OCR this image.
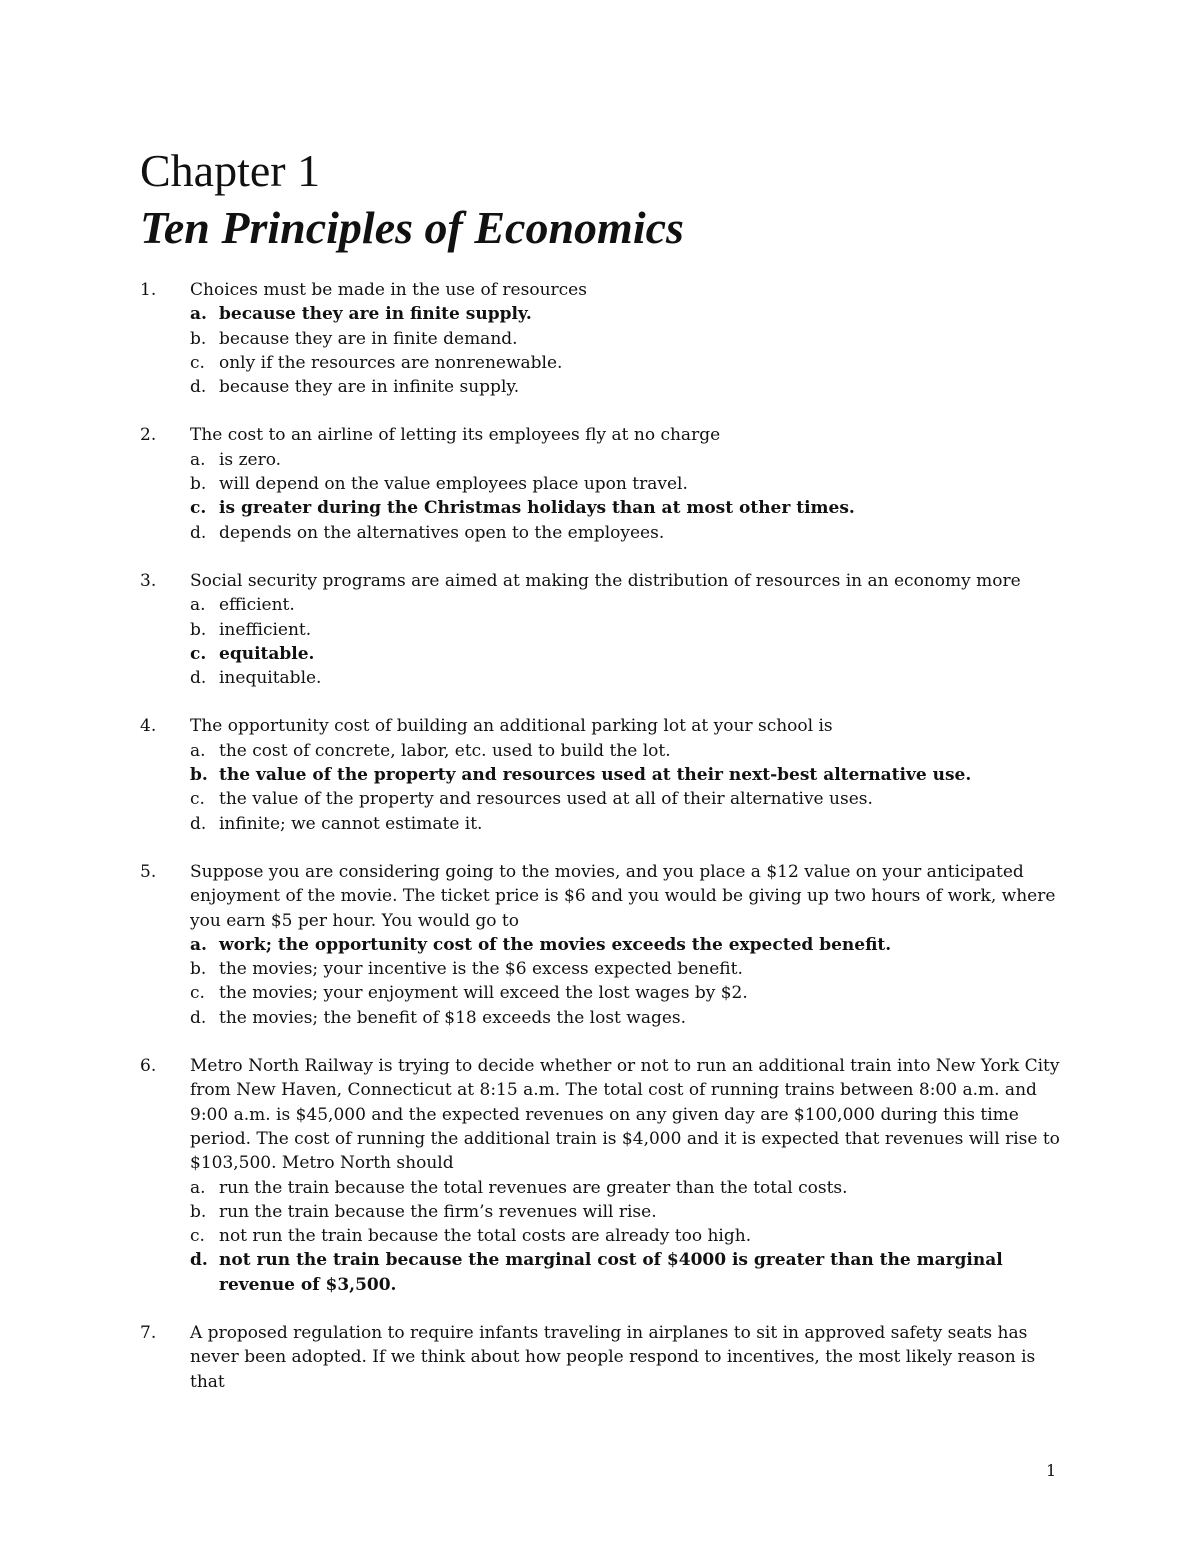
Chapter 1
Ten Principles of Economics
1. Choices must be made in the use of resources
a. because they are in finite supply.
b. because they are in finite demand.
c. only if the resources are nonrenewable.
d. because they are in infinite supply.
2. The cost to an airline of letting its employees fly at no charge
a. is zero.
b. will depend on the value employees place upon travel.
c. is greater during the Christmas holidays than at most other times.
d. depends on the alternatives open to the employees.
3. Social security programs are aimed at making the distribution of resources in an economy more
a. efficient.
b. inefficient.
c. equitable.
d. inequitable.
4. The opportunity cost of building an additional parking lot at your school is
a. the cost of concrete, labor, etc. used to build the lot.
b. the value of the property and resources used at their next-best alternative use.
c. the value of the property and resources used at all of their alternative uses.
d. infinite; we cannot estimate it.
5. Suppose you are considering going to the movies, and you place a $12 value on your anticipated enjoyment of the movie. The ticket price is $6 and you would be giving up two hours of work, where you earn $5 per hour. You would go to
a. work; the opportunity cost of the movies exceeds the expected benefit.
b. the movies; your incentive is the $6 excess expected benefit.
c. the movies; your enjoyment will exceed the lost wages by $2.
d. the movies; the benefit of $18 exceeds the lost wages.
6. Metro North Railway is trying to decide whether or not to run an additional train into New York City from New Haven, Connecticut at 8:15 a.m. The total cost of running trains between 8:00 a.m. and 9:00 a.m. is $45,000 and the expected revenues on any given day are $100,000 during this time period. The cost of running the additional train is $4,000 and it is expected that revenues will rise to $103,500. Metro North should
a. run the train because the total revenues are greater than the total costs.
b. run the train because the firm’s revenues will rise.
c. not run the train because the total costs are already too high.
d. not run the train because the marginal cost of $4000 is greater than the marginal revenue of $3,500.
7. A proposed regulation to require infants traveling in airplanes to sit in approved safety seats has never been adopted. If we think about how people respond to incentives, the most likely reason is that
1
